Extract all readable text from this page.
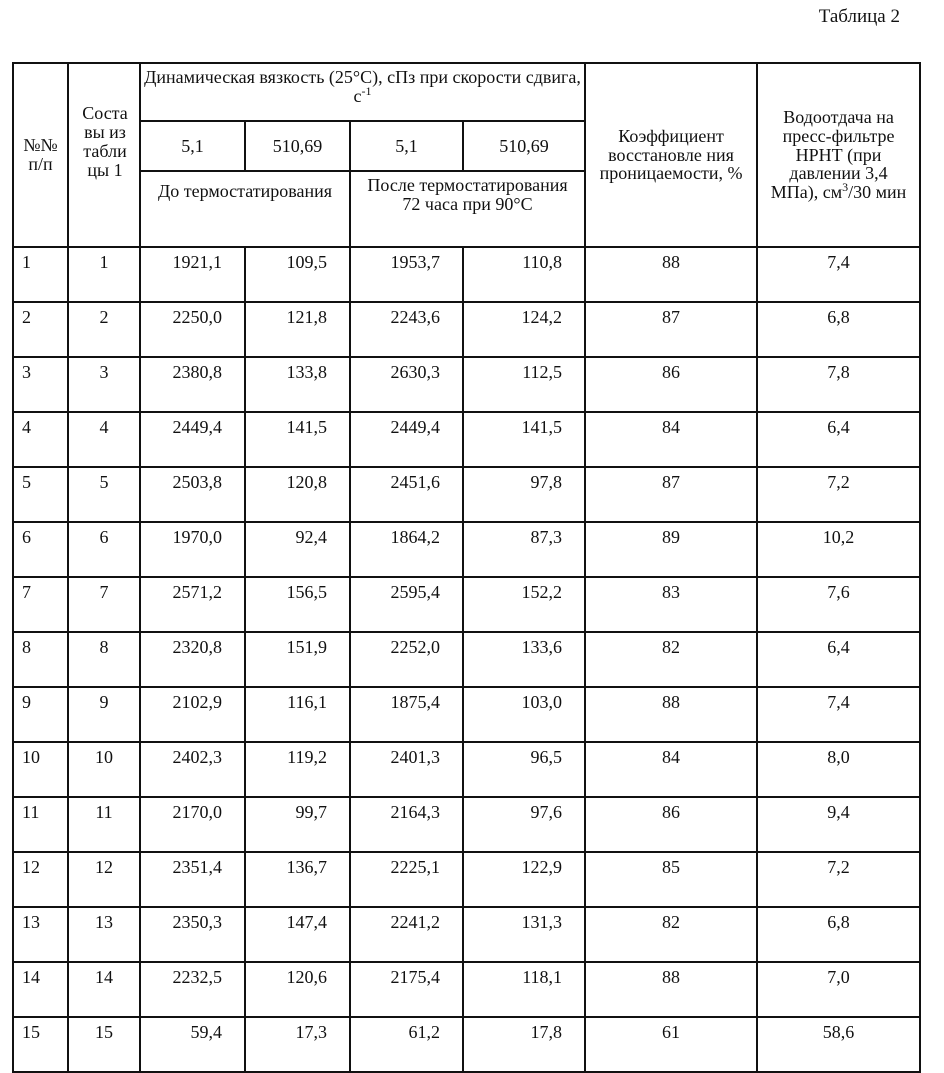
Таблица 2
№№ п/п	Соста вы из табли цы 1	Динамическая вязкость (25°С), сПз при скорости сдвига, $с^{-1}$				Коэффициент восстановле ния проницаемости, %	Водоотдача на пресс-фильтре НРНТ (при давлении 3,4 МПа), $см^3/30$ мин
		5,1	510,69	5,1	510,69		
		До термостатирования		После термостатирования 72 часа при 90°С			
1	1	1921,1	109,5	1953,7	110,8	88	7,4
2	2	2250,0	121,8	2243,6	124,2	87	6,8
3	3	2380,8	133,8	2630,3	112,5	86	7,8
4	4	2449,4	141,5	2449,4	141,5	84	6,4
5	5	2503,8	120,8	2451,6	97,8	87	7,2
6	6	1970,0	92,4	1864,2	87,3	89	10,2
7	7	2571,2	156,5	2595,4	152,2	83	7,6
8	8	2320,8	151,9	2252,0	133,6	82	6,4
9	9	2102,9	116,1	1875,4	103,0	88	7,4
10	10	2402,3	119,2	2401,3	96,5	84	8,0
11	11	2170,0	99,7	2164,3	97,6	86	9,4
12	12	2351,4	136,7	2225,1	122,9	85	7,2
13	13	2350,3	147,4	2241,2	131,3	82	6,8
14	14	2232,5	120,6	2175,4	118,1	88	7,0
15	15	59,4	17,3	61,2	17,8	61	58,6
